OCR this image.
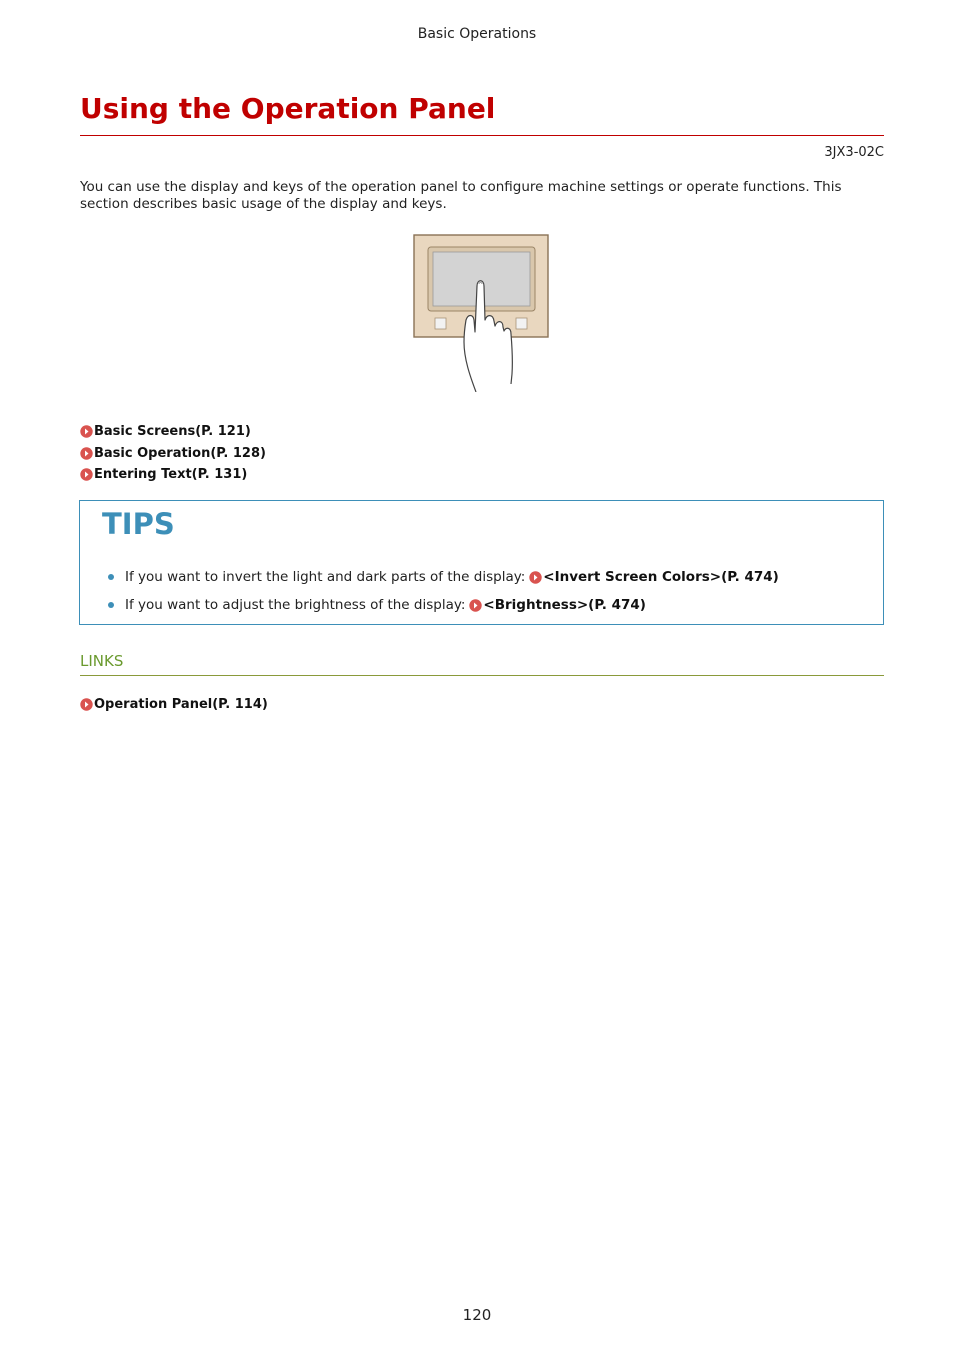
Basic Operations
Using the Operation Panel
3JX3-02C

You can use the display and keys of the operation panel to configure machine settings or operate functions. This section describes basic usage of the display and keys.

Basic Screens(P. 121)
Basic Operation(P. 128)
Entering Text(P. 131)
TIPS
If you want to invert the light and dark parts of the display: <Invert Screen Colors>(P. 474)
If you want to adjust the brightness of the display: <Brightness>(P. 474)
LINKS
Operation Panel(P. 114)
120
